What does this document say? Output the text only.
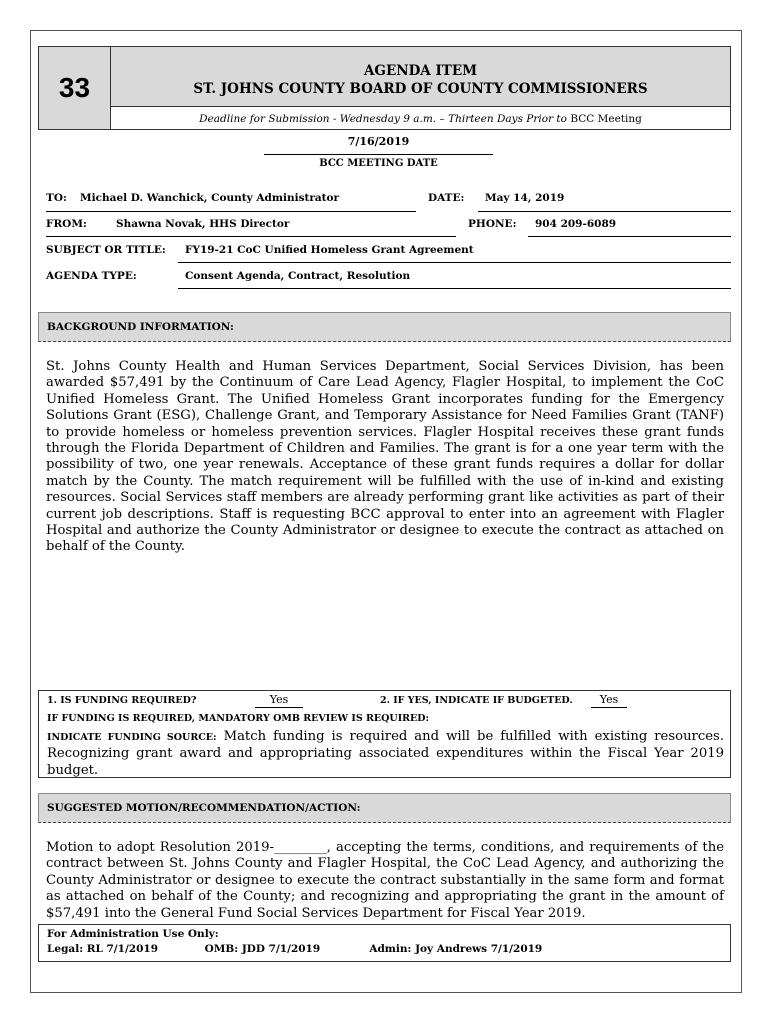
33
AGENDA ITEM
ST. JOHNS COUNTY BOARD OF COUNTY COMMISSIONERS
Deadline for Submission - Wednesday 9 a.m. – Thirteen Days Prior to BCC Meeting
7/16/2019
BCC MEETING DATE
TO: Michael D. Wanchick, County Administrator	DATE: May 14, 2019
FROM:	Shawna Novak, HHS Director	PHONE: 904 209-6089
SUBJECT OR TITLE: FY19-21 CoC Unified Homeless Grant Agreement
AGENDA TYPE:	Consent Agenda, Contract, Resolution
BACKGROUND INFORMATION:
St. Johns County Health and Human Services Department, Social Services Division, has been awarded $57,491 by the Continuum of Care Lead Agency, Flagler Hospital, to implement the CoC Unified Homeless Grant. The Unified Homeless Grant incorporates funding for the Emergency Solutions Grant (ESG), Challenge Grant, and Temporary Assistance for Need Families Grant (TANF) to provide homeless or homeless prevention services. Flagler Hospital receives these grant funds through the Florida Department of Children and Families. The grant is for a one year term with the possibility of two, one year renewals. Acceptance of these grant funds requires a dollar for dollar match by the County. The match requirement will be fulfilled with the use of in-kind and existing resources. Social Services staff members are already performing grant like activities as part of their current job descriptions. Staff is requesting BCC approval to enter into an agreement with Flagler Hospital and authorize the County Administrator or designee to execute the contract as attached on behalf of the County.
1. IS FUNDING REQUIRED?	Yes	2. IF YES, INDICATE IF BUDGETED.	Yes
IF FUNDING IS REQUIRED, MANDATORY OMB REVIEW IS REQUIRED:
INDICATE FUNDING SOURCE: Match funding is required and will be fulfilled with existing resources. Recognizing grant award and appropriating associated expenditures within the Fiscal Year 2019 budget.
SUGGESTED MOTION/RECOMMENDATION/ACTION:
Motion to adopt Resolution 2019-________, accepting the terms, conditions, and requirements of the contract between St. Johns County and Flagler Hospital, the CoC Lead Agency, and authorizing the County Administrator or designee to execute the contract substantially in the same form and format as attached on behalf of the County; and recognizing and appropriating the grant in the amount of $57,491 into the General Fund Social Services Department for Fiscal Year 2019.
For Administration Use Only:
Legal: RL 7/1/2019	OMB: JDD 7/1/2019	Admin: Joy Andrews 7/1/2019
